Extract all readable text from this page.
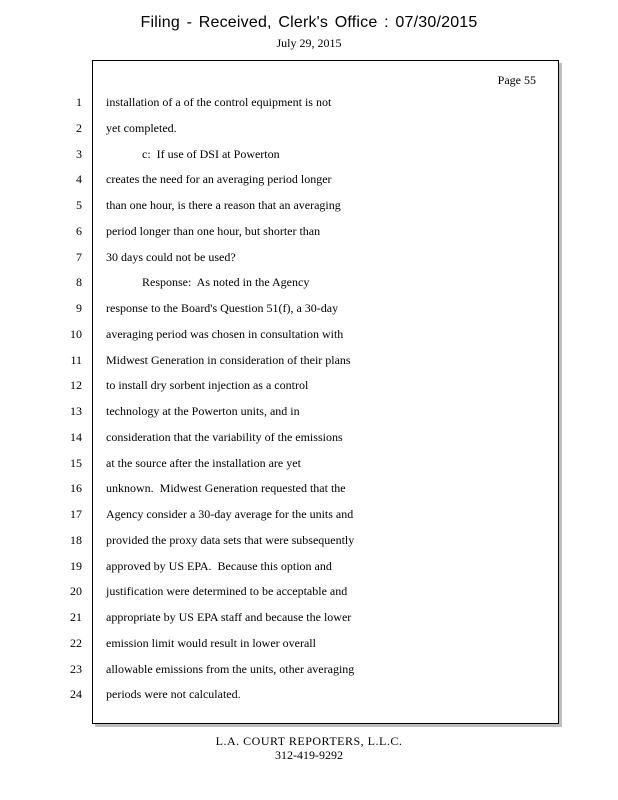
Filing - Received, Clerk's Office : 07/30/2015
July 29, 2015
Page 55
1 installation of a of the control equipment is not
2 yet completed.
3 c:  If use of DSI at Powerton
4 creates the need for an averaging period longer
5 than one hour, is there a reason that an averaging
6 period longer than one hour, but shorter than
7 30 days could not be used?
8 Response:  As noted in the Agency
9 response to the Board's Question 51(f), a 30-day
10 averaging period was chosen in consultation with
11 Midwest Generation in consideration of their plans
12 to install dry sorbent injection as a control
13 technology at the Powerton units, and in
14 consideration that the variability of the emissions
15 at the source after the installation are yet
16 unknown.  Midwest Generation requested that the
17 Agency consider a 30-day average for the units and
18 provided the proxy data sets that were subsequently
19 approved by US EPA.  Because this option and
20 justification were determined to be acceptable and
21 appropriate by US EPA staff and because the lower
22 emission limit would result in lower overall
23 allowable emissions from the units, other averaging
24 periods were not calculated.
L.A. COURT REPORTERS, L.L.C.
312-419-9292
